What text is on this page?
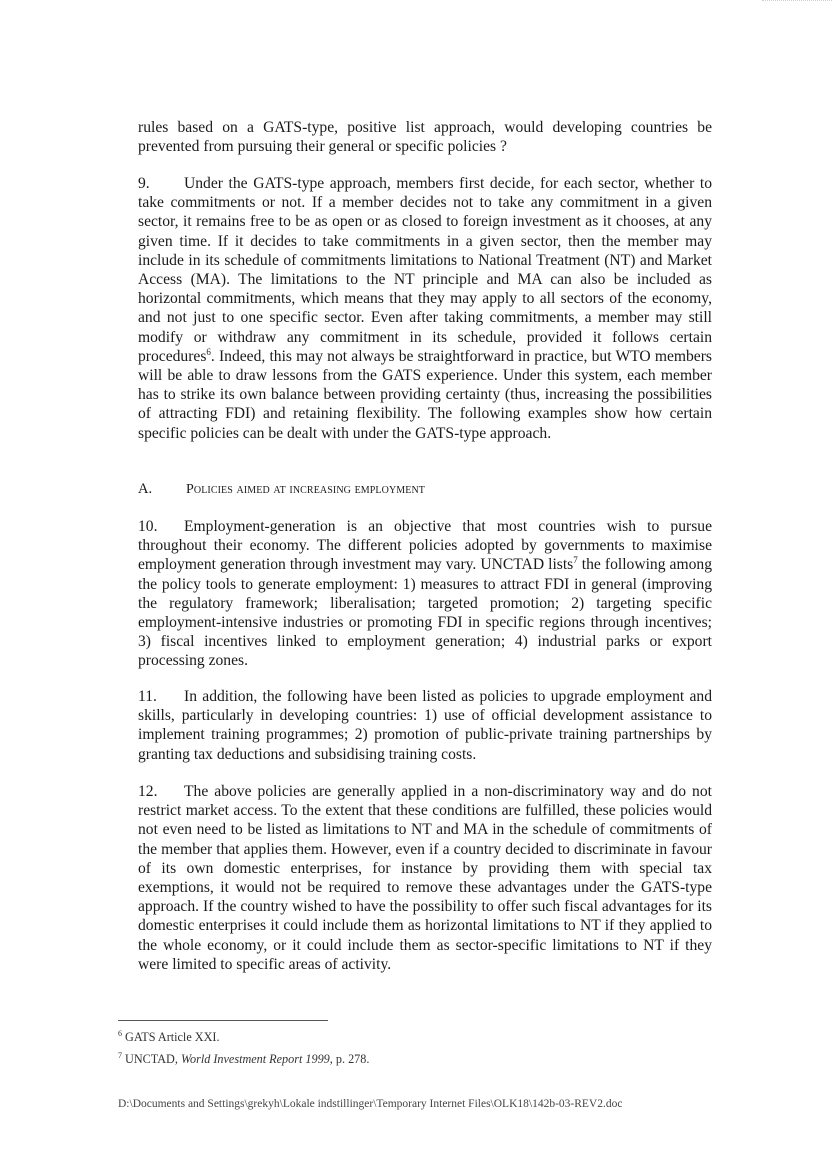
rules based on a GATS-type, positive list approach, would developing countries be prevented from pursuing their general or specific policies ?

9. Under the GATS-type approach, members first decide, for each sector, whether to take commitments or not. If a member decides not to take any commitment in a given sector, it remains free to be as open or as closed to foreign investment as it chooses, at any given time. If it decides to take commitments in a given sector, then the member may include in its schedule of commitments limitations to National Treatment (NT) and Market Access (MA). The limitations to the NT principle and MA can also be included as horizontal commitments, which means that they may apply to all sectors of the economy, and not just to one specific sector. Even after taking commitments, a member may still modify or withdraw any commitment in its schedule, provided it follows certain procedures$^6$. Indeed, this may not always be straightforward in practice, but WTO members will be able to draw lessons from the GATS experience. Under this system, each member has to strike its own balance between providing certainty (thus, increasing the possibilities of attracting FDI) and retaining flexibility. The following examples show how certain specific policies can be dealt with under the GATS-type approach.

A. Policies aimed at increasing employment

10. Employment-generation is an objective that most countries wish to pursue throughout their economy. The different policies adopted by governments to maximise employment generation through investment may vary. UNCTAD lists$^7$ the following among the policy tools to generate employment: 1) measures to attract FDI in general (improving the regulatory framework; liberalisation; targeted promotion; 2) targeting specific employment-intensive industries or promoting FDI in specific regions through incentives; 3) fiscal incentives linked to employment generation; 4) industrial parks or export processing zones.

11. In addition, the following have been listed as policies to upgrade employment and skills, particularly in developing countries: 1) use of official development assistance to implement training programmes; 2) promotion of public-private training partnerships by granting tax deductions and subsidising training costs.

12. The above policies are generally applied in a non-discriminatory way and do not restrict market access. To the extent that these conditions are fulfilled, these policies would not even need to be listed as limitations to NT and MA in the schedule of commitments of the member that applies them. However, even if a country decided to discriminate in favour of its own domestic enterprises, for instance by providing them with special tax exemptions, it would not be required to remove these advantages under the GATS-type approach. If the country wished to have the possibility to offer such fiscal advantages for its domestic enterprises it could include them as horizontal limitations to NT if they applied to the whole economy, or it could include them as sector-specific limitations to NT if they were limited to specific areas of activity.

$^6$ GATS Article XXI.
$^7$ UNCTAD, World Investment Report 1999, p. 278.
D:\Documents and Settings\grekyh\Lokale indstillinger\Temporary Internet Files\OLK18\142b-03-REV2.doc
